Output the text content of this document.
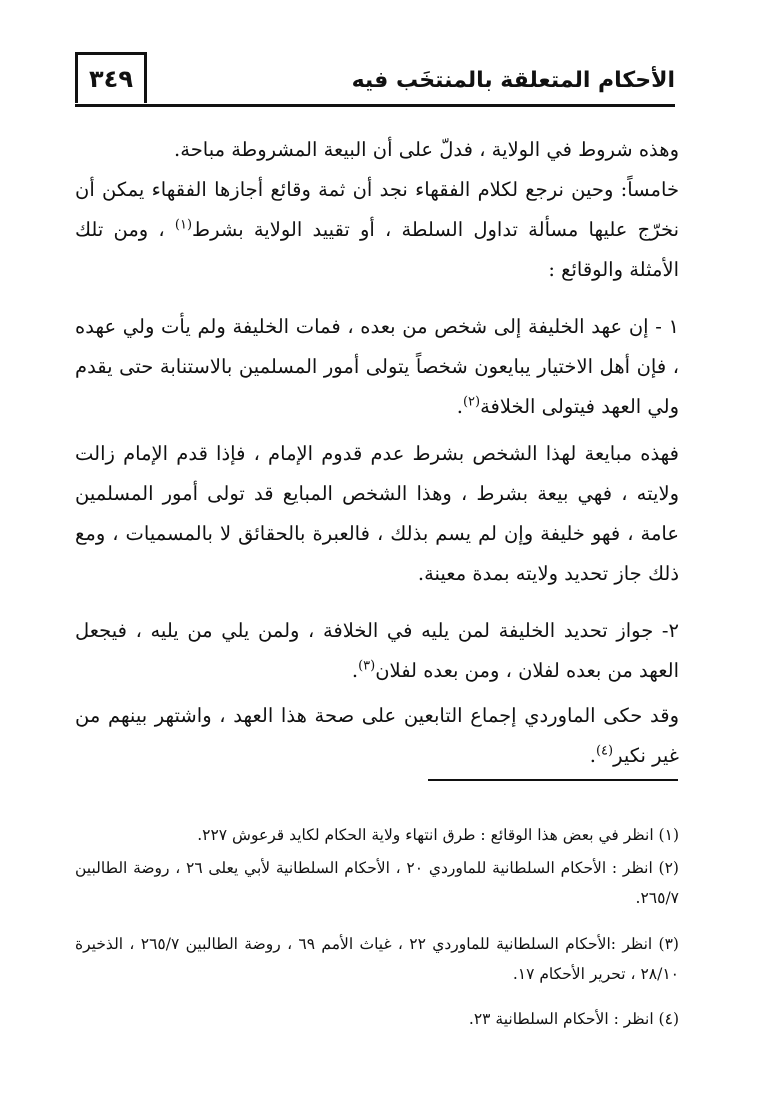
الأحكام المتعلقة بالمنتخَب فيه
٣٤٩

وهذه شروط في الولاية ، فدلّ على أن البيعة المشروطة مباحة.

خامساً: وحين نرجع لكلام الفقهاء نجد أن ثمة وقائع أجازها الفقهاء يمكن أن نخرّج عليها مسألة تداول السلطة ، أو تقييد الولاية بشرط$^{(١)}$ ، ومن تلك الأمثلة والوقائع :

١ - إن عهد الخليفة إلى شخص من بعده ، فمات الخليفة ولم يأت ولي عهده ، فإن أهل الاختيار يبايعون شخصاً يتولى أمور المسلمين بالاستنابة حتى يقدم ولي العهد فيتولى الخلافة$^{(٢)}$.

فهذه مبايعة لهذا الشخص بشرط عدم قدوم الإمام ، فإذا قدم الإمام زالت ولايته ، فهي بيعة بشرط ، وهذا الشخص المبايع قد تولى أمور المسلمين عامة ، فهو خليفة وإن لم يسم بذلك ، فالعبرة بالحقائق لا بالمسميات ، ومع ذلك جاز تحديد ولايته بمدة معينة.

٢- جواز تحديد الخليفة لمن يليه في الخلافة ، ولمن يلي من يليه ، فيجعل العهد من بعده لفلان ، ومن بعده لفلان$^{(٣)}$.

وقد حكى الماوردي إجماع التابعين على صحة هذا العهد ، واشتهر بينهم من غير نكير$^{(٤)}$.

(١) انظر في بعض هذا الوقائع : طرق انتهاء ولاية الحكام لكايد قرعوش ٢٢٧.

(٢) انظر : الأحكام السلطانية للماوردي ٢٠ ، الأحكام السلطانية لأبي يعلى ٢٦ ، روضة الطالبين ٢٦٥/٧.

(٣) انظر :الأحكام السلطانية للماوردي ٢٢ ، غياث الأمم ٦٩ ، روضة الطالبين ٢٦٥/٧ ، الذخيرة ٢٨/١٠ ، تحرير الأحكام ١٧.

(٤) انظر : الأحكام السلطانية ٢٣.
